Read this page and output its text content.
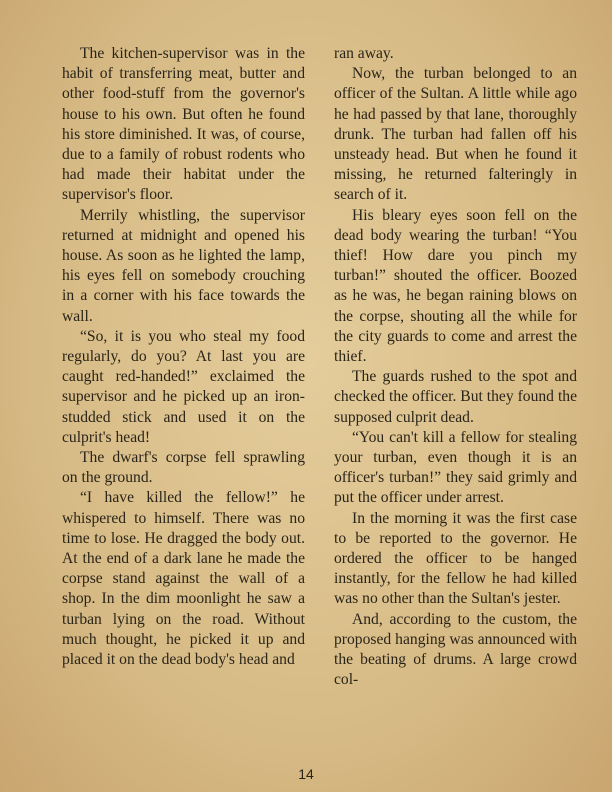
The kitchen-supervisor was in the habit of transferring meat, butter and other food-stuff from the governor's house to his own. But often he found his store diminished. It was, of course, due to a family of robust rodents who had made their habitat under the supervisor's floor.

Merrily whistling, the supervisor returned at midnight and opened his house. As soon as he lighted the lamp, his eyes fell on somebody crouching in a corner with his face towards the wall.

“So, it is you who steal my food regularly, do you? At last you are caught red-handed!” exclaimed the supervisor and he picked up an iron-studded stick and used it on the culprit's head!

The dwarf's corpse fell sprawling on the ground.

“I have killed the fellow!” he whispered to himself. There was no time to lose. He dragged the body out. At the end of a dark lane he made the corpse stand against the wall of a shop. In the dim moonlight he saw a turban lying on the road. Without much thought, he picked it up and placed it on the dead body's head and

ran away.

Now, the turban belonged to an officer of the Sultan. A little while ago he had passed by that lane, thoroughly drunk. The turban had fallen off his unsteady head. But when he found it missing, he returned falteringly in search of it.

His bleary eyes soon fell on the dead body wearing the turban! “You thief! How dare you pinch my turban!” shouted the officer. Boozed as he was, he began raining blows on the corpse, shouting all the while for the city guards to come and arrest the thief.

The guards rushed to the spot and checked the officer. But they found the supposed culprit dead.

“You can't kill a fellow for stealing your turban, even though it is an officer's turban!” they said grimly and put the officer under arrest.

In the morning it was the first case to be reported to the governor. He ordered the officer to be hanged instantly, for the fellow he had killed was no other than the Sultan's jester.

And, according to the custom, the proposed hanging was announced with the beating of drums. A large crowd col-

14
